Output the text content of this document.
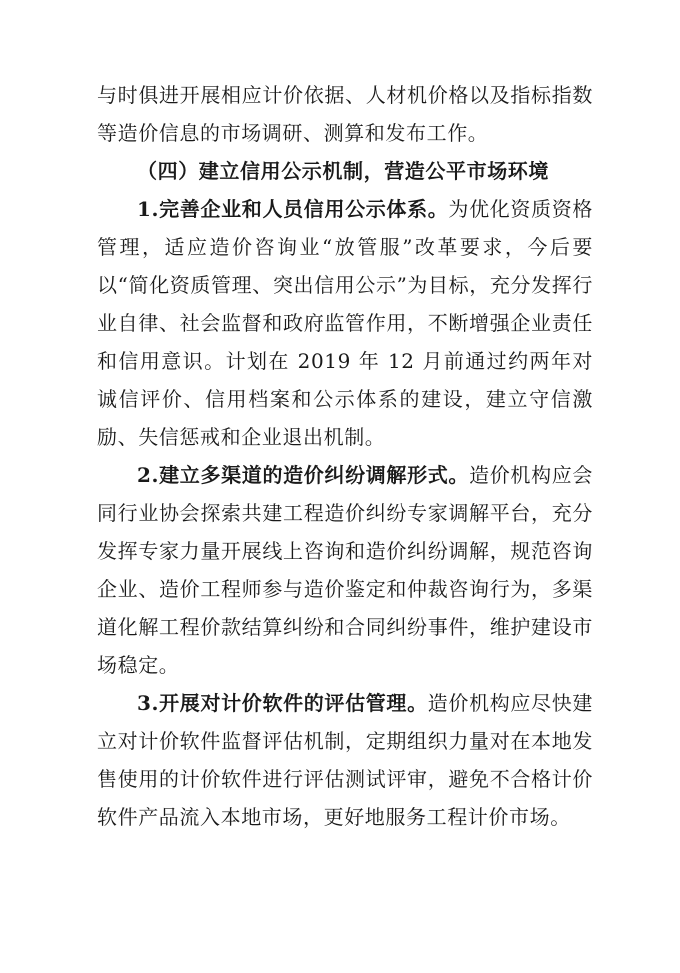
与时俱进开展相应计价依据、人材机价格以及指标指数等造价信息的市场调研、测算和发布工作。

（四）建立信用公示机制，营造公平市场环境

1.完善企业和人员信用公示体系。为优化资质资格管理，适应造价咨询业“放管服”改革要求，今后要以“简化资质管理、突出信用公示”为目标，充分发挥行业自律、社会监督和政府监管作用，不断增强企业责任和信用意识。计划在 2019 年 12 月前通过约两年对诚信评价、信用档案和公示体系的建设，建立守信激励、失信惩戒和企业退出机制。

2.建立多渠道的造价纠纷调解形式。造价机构应会同行业协会探索共建工程造价纠纷专家调解平台，充分发挥专家力量开展线上咨询和造价纠纷调解，规范咨询企业、造价工程师参与造价鉴定和仲裁咨询行为，多渠道化解工程价款结算纠纷和合同纠纷事件，维护建设市场稳定。

3.开展对计价软件的评估管理。造价机构应尽快建立对计价软件监督评估机制，定期组织力量对在本地发售使用的计价软件进行评估测试评审，避免不合格计价软件产品流入本地市场，更好地服务工程计价市场。
